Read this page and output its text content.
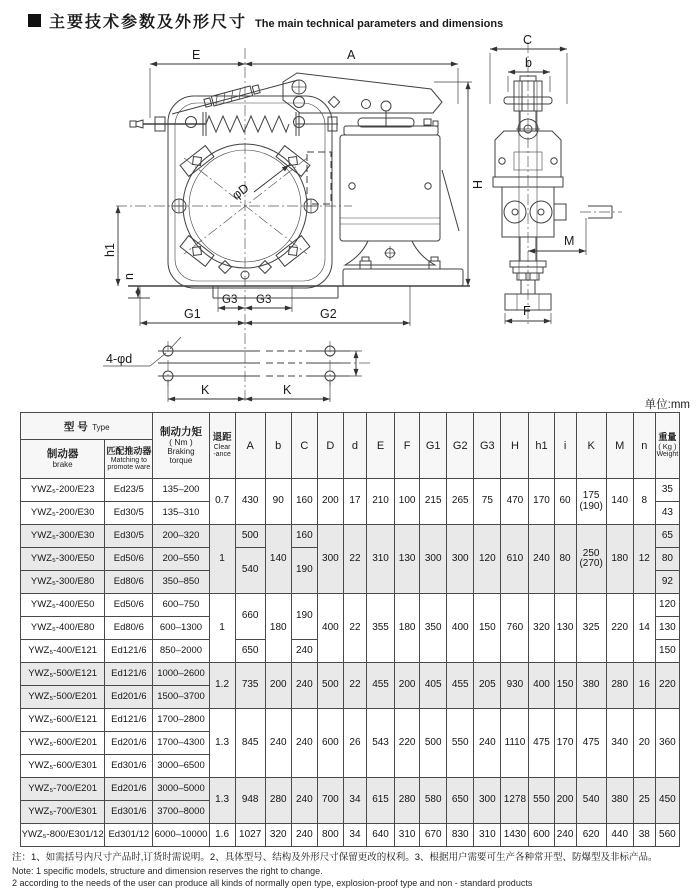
主要技术参数及外形尺寸 The main technical parameters and dimensions
φD
E	A
H
h1
n
G3 G3
G1	G2
C
b
M
F
4-φd
K	K
单位:mm
型 号 Type		制动力矩
( Nm )
Braking
torque	退距
Clear
-ance	A	b	C	D	d	E	F	G1	G2	G3	H	h1	i	K	M	n	重量
( Kg )
Weight

制动器
brake	匹配推动器
Matching to
promote ware																			

YWZ₅-200/E23	Ed23/5	135–200	0.7	430	90	160	200	17	210	100	215	265	75	470	170	60	175
(190)	140	8	35
YWZ₅-200/E30	Ed30/5	135–310																		43
YWZ₅-300/E30	Ed30/5	200–320	1	500	140	160	300	22	310	130	300	300	120	610	240	80	250
(270)	180	12	65
YWZ₅-300/E50	Ed50/6	200–550		540		190														80
YWZ₅-300/E80	Ed80/6	350–850																		92
YWZ₅-400/E50	Ed50/6	600–750	1	660	180	190	400	22	355	180	350	400	150	760	320	130	325	220	14	120
YWZ₅-400/E80	Ed80/6	600–1300																		130
YWZ₅-400/E121	Ed121/6	850–2000		650		240														150
YWZ₅-500/E121	Ed121/6	1000–2600	1.2	735	200	240	500	22	455	200	405	455	205	930	400	150	380	280	16	220
YWZ₅-500/E201	Ed201/6	1500–3700																		
YWZ₅-600/E121	Ed121/6	1700–2800	1.3	845	240	240	600	26	543	220	500	550	240	1110	475	170	475	340	20	360
YWZ₅-600/E201	Ed201/6	1700–4300																		
YWZ₅-600/E301	Ed301/6	3000–6500																		
YWZ₅-700/E201	Ed201/6	3000–5000	1.3	948	280	240	700	34	615	280	580	650	300	1278	550	200	540	380	25	450
YWZ₅-700/E301	Ed301/6	3700–8000																		
YWZ₅-800/E301/12	Ed301/12	6000–10000	1.6	1027	320	240	800	34	640	310	670	830	310	1430	600	240	620	440	38	560
注：1、如需括号内尺寸产品时,订货时需说明。2、具体型号、结构及外形尺寸保留更改的权利。3、根据用户需要可生产各种常开型、防爆型及非标产品。
Note: 1 specific models, structure and dimension reserves the right to change.
2 according to the needs of the user can produce all kinds of normally open type, explosion-proof type and non - standard products
